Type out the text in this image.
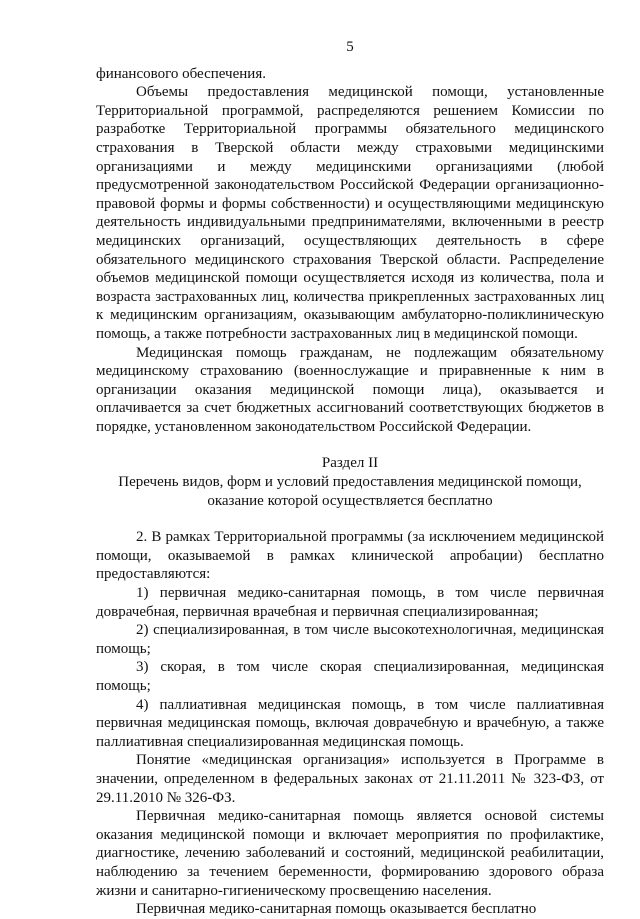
5

финансового обеспечения.

Объемы предоставления медицинской помощи, установленные Территориальной программой, распределяются решением Комиссии по разработке Территориальной программы обязательного медицинского страхования в Тверской области между страховыми медицинскими организациями и между медицинскими организациями (любой предусмотренной законодательством Российской Федерации организационно-правовой формы и формы собственности) и осуществляющими медицинскую деятельность индивидуальными предпринимателями, включенными в реестр медицинских организаций, осуществляющих деятельность в сфере обязательного медицинского страхования Тверской области. Распределение объемов медицинской помощи осуществляется исходя из количества, пола и возраста застрахованных лиц, количества прикрепленных застрахованных лиц к медицинским организациям, оказывающим амбулаторно-поликлиническую помощь, а также потребности застрахованных лиц в медицинской помощи.

Медицинская помощь гражданам, не подлежащим обязательному медицинскому страхованию (военнослужащие и приравненные к ним в организации оказания медицинской помощи лица), оказывается и оплачивается за счет бюджетных ассигнований соответствующих бюджетов в порядке, установленном законодательством Российской Федерации.

Раздел II

Перечень видов, форм и условий предоставления медицинской помощи, оказание которой осуществляется бесплатно

2. В рамках Территориальной программы (за исключением медицинской помощи, оказываемой в рамках клинической апробации) бесплатно предоставляются:

1) первичная медико-санитарная помощь, в том числе первичная доврачебная, первичная врачебная и первичная специализированная;

2) специализированная, в том числе высокотехнологичная, медицинская помощь;

3) скорая, в том числе скорая специализированная, медицинская помощь;

4) паллиативная медицинская помощь, в том числе паллиативная первичная медицинская помощь, включая доврачебную и врачебную, а также паллиативная специализированная медицинская помощь.

Понятие «медицинская организация» используется в Программе в значении, определенном в федеральных законах от 21.11.2011 № 323-ФЗ, от 29.11.2010 № 326-ФЗ.

Первичная медико-санитарная помощь является основой системы оказания медицинской помощи и включает мероприятия по профилактике, диагностике, лечению заболеваний и состояний, медицинской реабилитации, наблюдению за течением беременности, формированию здорового образа жизни и санитарно-гигиеническому просвещению населения.

Первичная медико-санитарная помощь оказывается бесплатно
